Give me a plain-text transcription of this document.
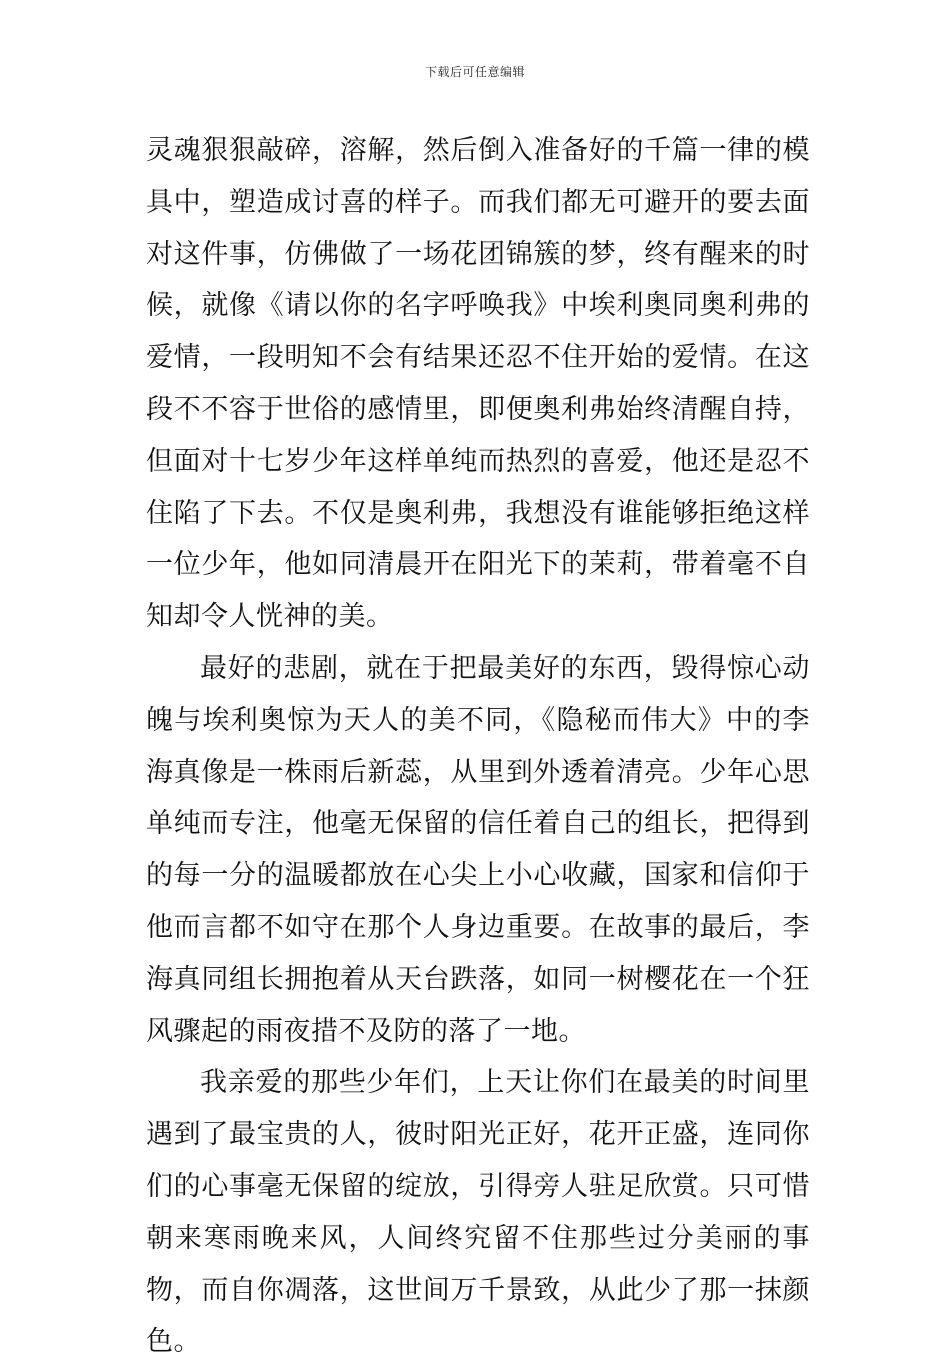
下载后可任意编辑

灵魂狠狠敲碎，溶解，然后倒入准备好的千篇一律的模具中，塑造成讨喜的样子。而我们都无可避开的要去面对这件事，仿佛做了一场花团锦簇的梦，终有醒来的时候，就像《请以你的名字呼唤我》中埃利奥同奥利弗的爱情，一段明知不会有结果还忍不住开始的爱情。在这段不不容于世俗的感情里，即便奥利弗始终清醒自持，但面对十七岁少年这样单纯而热烈的喜爱，他还是忍不住陷了下去。不仅是奥利弗，我想没有谁能够拒绝这样一位少年，他如同清晨开在阳光下的茉莉，带着毫不自知却令人恍神的美。

最好的悲剧，就在于把最美好的东西，毁得惊心动魄与埃利奥惊为天人的美不同，《隐秘而伟大》中的李海真像是一株雨后新蕊，从里到外透着清亮。少年心思单纯而专注，他毫无保留的信任着自己的组长，把得到的每一分的温暖都放在心尖上小心收藏，国家和信仰于他而言都不如守在那个人身边重要。在故事的最后，李海真同组长拥抱着从天台跌落，如同一树樱花在一个狂风骤起的雨夜措不及防的落了一地。

我亲爱的那些少年们，上天让你们在最美的时间里遇到了最宝贵的人，彼时阳光正好，花开正盛，连同你们的心事毫无保留的绽放，引得旁人驻足欣赏。只可惜朝来寒雨晚来风，人间终究留不住那些过分美丽的事物，而自你凋落，这世间万千景致，从此少了那一抹颜色。
